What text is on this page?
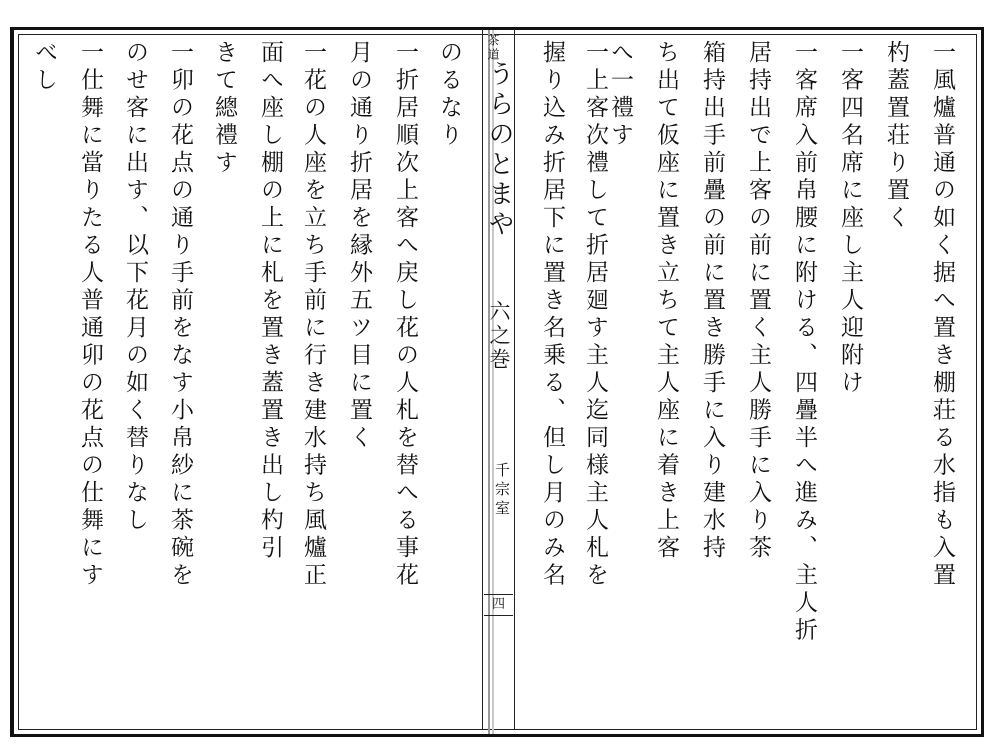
一風爐普通の如く据へ置き棚荘る水指も入置
杓蓋置荘り置く
一客四名席に座し主人迎附け
一客席入前帛腰に附ける、四疊半へ進み、主人折
居持出で上客の前に置く主人勝手に入り茶
箱持出手前疊の前に置き勝手に入り建水持
ち出て仮座に置き立ちて主人座に着き上客
へ一禮す
一上客次禮して折居廻す主人迄同様主人札を
握り込み折居下に置き名乗る、但し月のみ名
茶道
うらのとまや
六之巻
千宗室
四
のるなり
一折居順次上客へ戻し花の人札を替へる事花
月の通り折居を縁外五ツ目に置く
一花の人座を立ち手前に行き建水持ち風爐正
面へ座し棚の上に札を置き蓋置き出し杓引
きて總禮す
一卯の花点の通り手前をなす小帛紗に茶碗を
のせ客に出す、以下花月の如く替りなし
一仕舞に當りたる人普通卯の花点の仕舞にす
べし
